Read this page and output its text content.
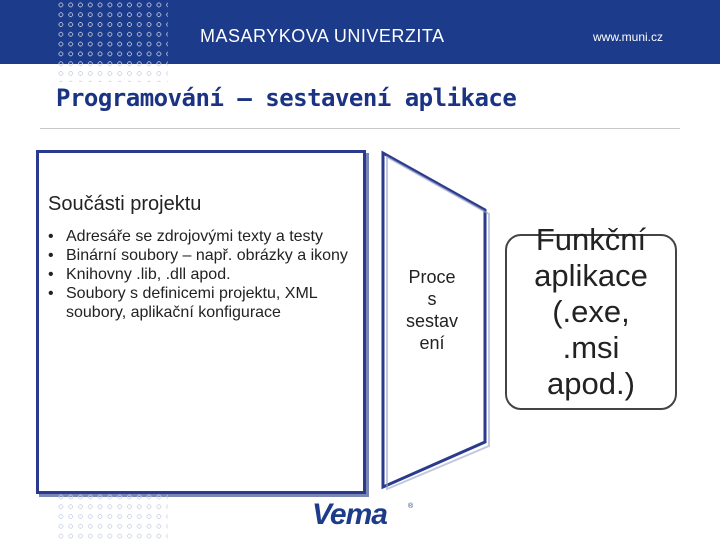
MASARYKOVA UNIVERZITA	www.muni.cz
Programování – sestavení aplikace
Součásti projektu
• Adresáře se zdrojovými texty a testy
• Binární soubory – např. obrázky a ikony
• Knihovny .lib, .dll apod.
• Soubory s definicemi projektu, XML soubory, aplikační konfigurace
Proce
s
sestav
ení
Funkční
aplikace
(.exe,
.msi
apod.)
Vema	®
